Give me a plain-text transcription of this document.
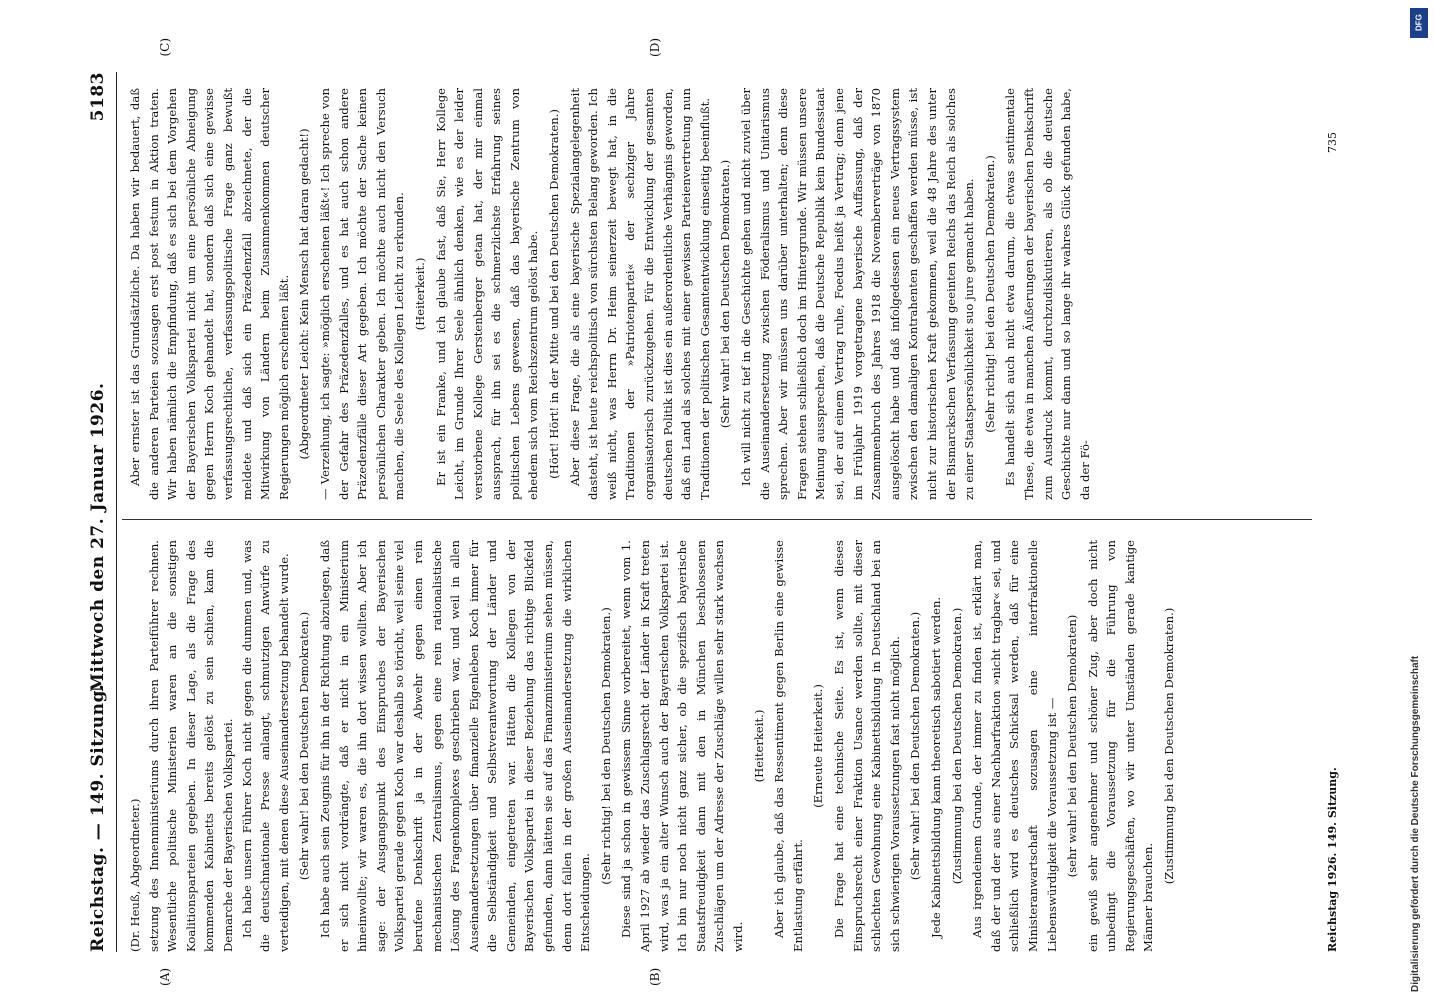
Reichstag. — 149. Sitzung.
Mittwoch den 27. Januar 1926.
5183
(A)	(B)
(C)	(D)

(Dr. Heuß, Abgeordneter.) setzung des Innenministeriums durch ihren Parteiführer rechnen. Wesentliche politische Ministerien waren an die sonstigen Koalitionsparteien gegeben. In dieser Lage, als die Frage des kommenden Kabinetts bereits gelöst zu sein schien, kam die Demarche der Bayerischen Volkspartei. Ich habe unsern Führer Koch nicht gegen die dummen und, was die deutschnationale Presse anlangt, schmutzigen Anwürfe zu verteidigen, mit denen diese Auseinandersetzung behandelt wurde. (Sehr wahr! bei den Deutschen Demokraten.) Ich habe auch sein Zeugnis für ihn in der Richtung abzulegen, daß er sich nicht vordrängte, daß er nicht in ein Ministerium hineinwollte; wir waren es, die ihn dort wissen wollten. Aber ich sage: der Ausgangspunkt des Einspruches der Bayerischen Volkspartei gerade gegen Koch war deshalb so töricht, weil seine viel berufene Denkschrift ja in der Abwehr gegen einen rein mechanistischen Zentralismus, gegen eine rein rationalistische Lösung des Fragenkomplexes geschrieben war, und weil in allen Auseinandersetzungen über finanzielle Eigenleben Koch immer für die Selbständigkeit und Selbstverantwortung der Länder und Gemeinden, eingetreten war. Hätten die Kollegen von der Bayerischen Volkspartei in dieser Beziehung das richtige Blickfeld gefunden, dann hätten sie auf das Finanzministerium sehen müssen, denn dort fallen in der großen Auseinandersetzung die wirklichen Entscheidungen.

(Sehr richtig! bei den Deutschen Demokraten.) Diese sind ja schon in gewissem Sinne vorbereitet, wenn vom 1. April 1927 ab wieder das Zuschlagsrecht der Länder in Kraft treten wird, was ja ein alter Wunsch auch der Bayerischen Volkspartei ist. Ich bin nur noch nicht ganz sicher, ob die spezifisch bayerische Staatsfreudigkeit dann mit den in München beschlossenen Zuschlägen um der Adresse der Zuschläge willen sehr stark wachsen wird.

(Heiterkeit.) Aber ich glaube, daß das Ressentiment gegen Berlin eine gewisse Entlastung erfährt.

(Erneute Heiterkeit.) Die Frage hat eine technische Seite. Es ist, wenn dieses Einspruchsrecht einer Fraktion Usance werden sollte, mit dieser schlechten Gewohnung eine Kabinettsbildung in Deutschland bei an sich schwierigen Voraussetzungen fast nicht möglich. (Sehr wahr! bei den Deutschen Demokraten.) Jede Kabinettsbildung kann theoretisch sabotiert werden. (Zustimmung bei den Deutschen Demokraten.) Aus irgendeinem Grunde, der immer zu finden ist, erklärt man, daß der und der aus einer Nachbarfraktion »nicht tragbar« sei, und schließlich wird es deutsches Schicksal werden, daß für eine Ministeranwartschaft sozusagen eine interfraktionelle Liebenswürdigkeit die Voraussetzung ist — (sehr wahr! bei den Deutschen Demokraten) ein gewiß sehr angenehmer und schöner Zug, aber doch nicht unbedingt die Voraussetzung für die Führung von Regierungsgeschäften, wo wir unter Umständen gerade kantige Männer brauchen.

(Zustimmung bei den Deutschen Demokraten.)

Aber ernster ist das Grundsätzliche. Da haben wir bedauert, daß die anderen Parteien sozusagen erst post festum in Aktion traten. Wir haben nämlich die Empfindung, daß es sich bei dem Vorgehen der Bayerischen Volkspartei nicht um eine persönliche Abneigung gegen Herrn Koch gehandelt hat, sondern daß sich eine gewisse verfassungsrechtliche, verfassungspolitische Frage ganz bewußt meldete und daß sich ein Präzedenzfall abzeichnete, der die Mitwirkung von Ländern beim Zusammenkommen deutscher Regierungen möglich erscheinen läßt. (Abgeordneter Leicht: Kein Mensch hat daran gedacht!) — Verzeihung, ich sagte: »möglich erscheinen läßt«! Ich spreche von der Gefahr des Präzedenzfalles, und es hat auch schon andere Präzedenzfälle dieser Art gegeben. Ich möchte der Sache keinen persönlichen Charakter geben. Ich möchte auch nicht den Versuch machen, die Seele des Kollegen Leicht zu erkunden. (Heiterkeit.) Er ist ein Franke, und ich glaube fast, daß Sie, Herr Kollege Leicht, im Grunde Ihrer Seele ähnlich denken, wie es der leider verstorbene Kollege Gerstenberger getan hat, der mir einmal aussprach, für ihn sei es die schmerzlichste Erfahrung seines politischen Lebens gewesen, daß das bayerische Zentrum von ehedem sich vom Reichszentrum gelöst habe. (Hört! Hört! in der Mitte und bei den Deutschen Demokraten.) Aber diese Frage, die als eine bayerische Spezialangelegenheit dasteht, ist heute reichspolitisch von sürchsten Belang geworden. Ich weiß nicht, was Herrn Dr. Heim seinerzeit bewegt hat, in die Traditionen der »Patriotenpartei« der sechziger Jahre organisatorisch zurückzugehen. Für die Entwicklung der gesamten deutschen Politik ist dies ein außerordentliche Verhängnis geworden, daß ein Land als solches mit einer gewissen Parteienvertretung nun Traditionen der politischen Gesamtentwicklung einseitig beeinflußt. (Sehr wahr! bei den Deutschen Demokraten.) Ich will nicht zu tief in die Geschichte gehen und nicht zuviel über die Auseinandersetzung zwischen Föderalismus und Unitarismus sprechen. Aber wir müssen uns darüber unterhalten; denn diese Fragen stehen schließlich doch im Hintergrunde. Wir müssen unsere Meinung aussprechen, daß die Deutsche Republik kein Bundesstaat sei, der auf einem Vertrag ruhe, Foedus heißt ja Vertrag; denn jene im Frühjahr 1919 vorgetragene bayerische Auffassung, daß der Zusammenbruch des Jahres 1918 die Novemberverträge von 1870 ausgelöscht habe und daß infolgedessen ein neues Vertragssystem zwischen den damaligen Kontrahenten geschaffen werden müsse, ist nicht zur historischen Kraft gekommen, weil die 48 Jahre des unter der Bismarckschen Verfassung geeinten Reichs das Reich als solches zu einer Staatspersönlichkeit suo jure gemacht haben. (Sehr richtig! bei den Deutschen Demokraten.) Es handelt sich auch nicht etwa darum, die etwas sentimentale These, die etwa in manchen Äußerungen der bayerischen Denkschrift zum Ausdruck kommt, durchzudiskutieren, als ob die deutsche Geschichte nur dann und so lange ihr wahres Glück gefunden habe, da der Fö-

Reichstag 1926. 149. Sitzung.
735
Digitalisierung gefördert durch die Deutsche Forschungsgemeinschaft
DFG
